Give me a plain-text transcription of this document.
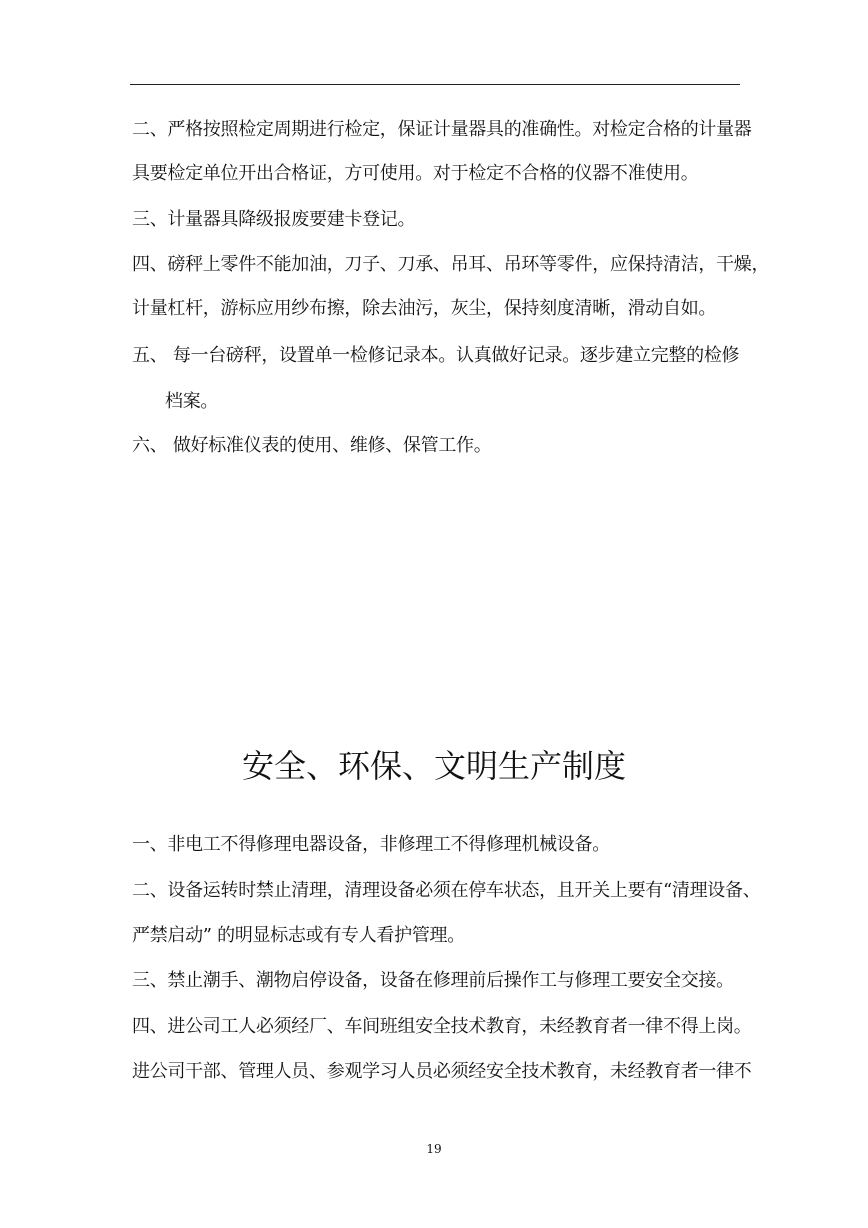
二、严格按照检定周期进行检定，保证计量器具的准确性。对检定合格的计量器
具要检定单位开出合格证，方可使用。对于检定不合格的仪器不准使用。
三、计量器具降级报废要建卡登记。
四、磅秤上零件不能加油，刀子、刀承、吊耳、吊环等零件，应保持清洁，干燥，
计量杠杆，游标应用纱布擦，除去油污，灰尘，保持刻度清晰，滑动自如。
五、 每一台磅秤，设置单一检修记录本。认真做好记录。逐步建立完整的检修
档案。
六、 做好标准仪表的使用、维修、保管工作。
安全、环保、文明生产制度
一、非电工不得修理电器设备，非修理工不得修理机械设备。
二、设备运转时禁止清理，清理设备必须在停车状态，且开关上要有“清理设备、
严禁启动” 的明显标志或有专人看护管理。
三、禁止潮手、潮物启停设备，设备在修理前后操作工与修理工要安全交接。
四、进公司工人必须经厂、车间班组安全技术教育，未经教育者一律不得上岗。
进公司干部、管理人员、参观学习人员必须经安全技术教育，未经教育者一律不
19
